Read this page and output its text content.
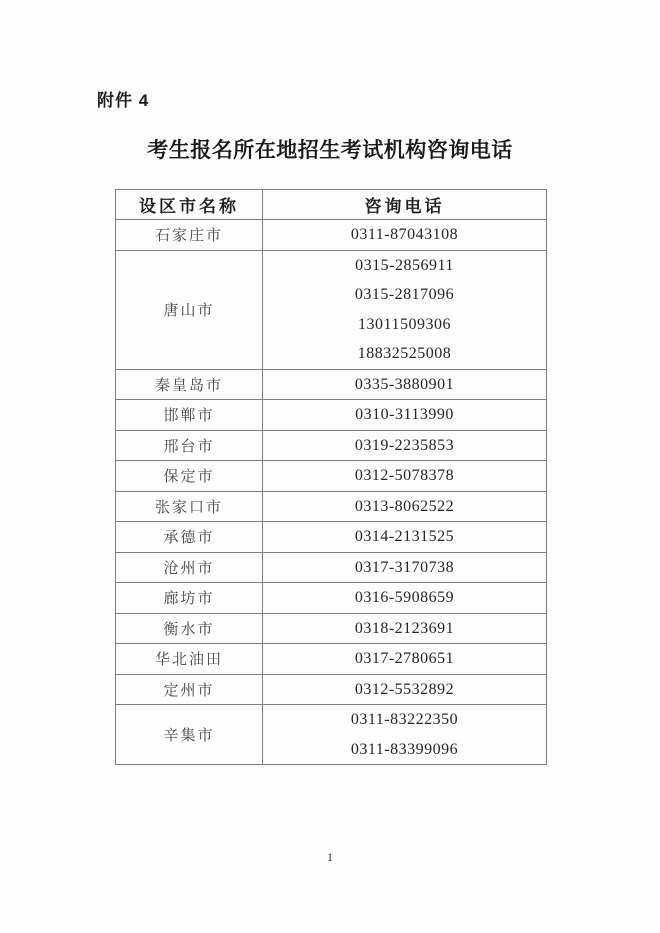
附件 4
考生报名所在地招生考试机构咨询电话
设区市名称	咨询电话
石家庄市	0311-87043108

唐山市	0315-2856911
0315-2817096
13011509306
18832525008

秦皇岛市	0335-3880901

邯郸市	0310-3113990

邢台市	0319-2235853

保定市	0312-5078378

张家口市	0313-8062522

承德市	0314-2131525

沧州市	0317-3170738

廊坊市	0316-5908659

衡水市	0318-2123691

华北油田	0317-2780651

定州市	0312-5532892

辛集市	0311-83222350
0311-83399096
1
